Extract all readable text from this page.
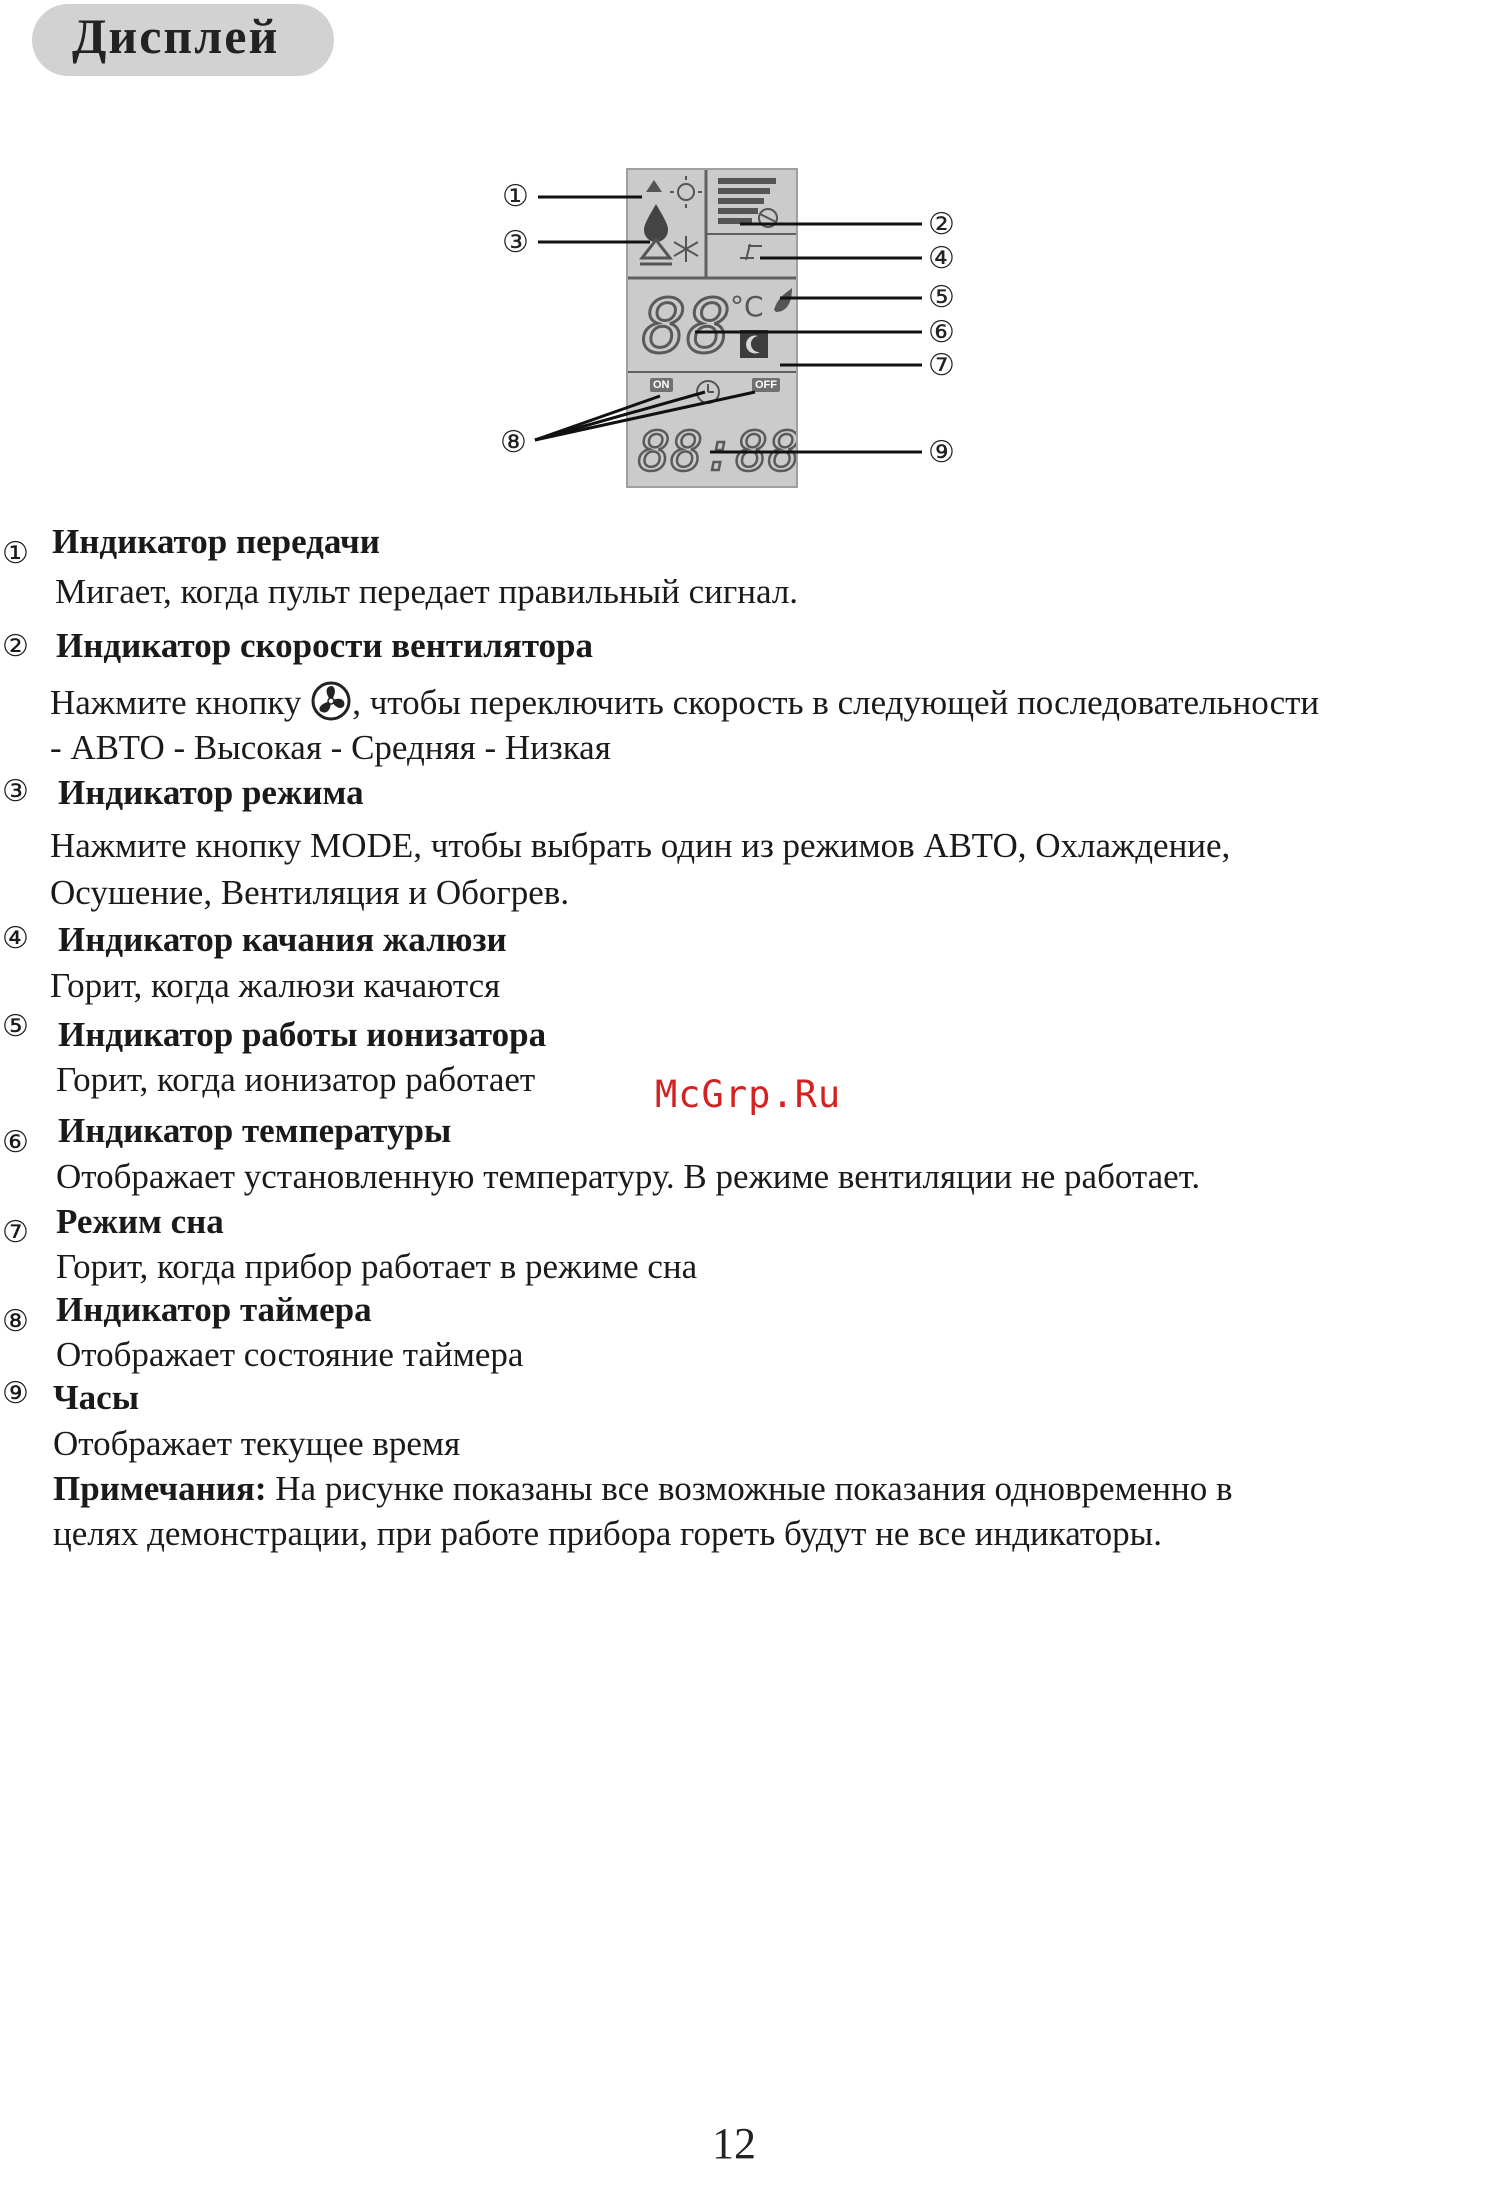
Дисплей
88
°C
88:88
ON	OFF
①
②
③	④
⑤
⑥
⑦
⑧	⑨
① Индикатор передачи
Мигает, когда пульт передает правильный сигнал.
② Индикатор скорости вентилятора
Нажмите кнопку , чтобы переключить скорость в следующей последовательности
- АВТО - Высокая - Средняя - Низкая
③ Индикатор режима
Нажмите кнопку MODE, чтобы выбрать один из режимов АВТО, Охлаждение,
Осушение, Вентиляция и Обогрев.
④ Индикатор качания жалюзи
Горит, когда жалюзи качаются
⑤ Индикатор работы ионизатора
Горит, когда ионизатор работает
⑥ Индикатор температуры
Отображает установленную температуру. В режиме вентиляции не работает.
⑦ Режим сна
Горит, когда прибор работает в режиме сна
⑧ Индикатор таймера
Отображает состояние таймера
⑨ Часы
Отображает текущее время
Примечания: На рисунке показаны все возможные показания одновременно в
целях демонстрации, при работе прибора гореть будут не все индикаторы.
McGrp.Ru
12
